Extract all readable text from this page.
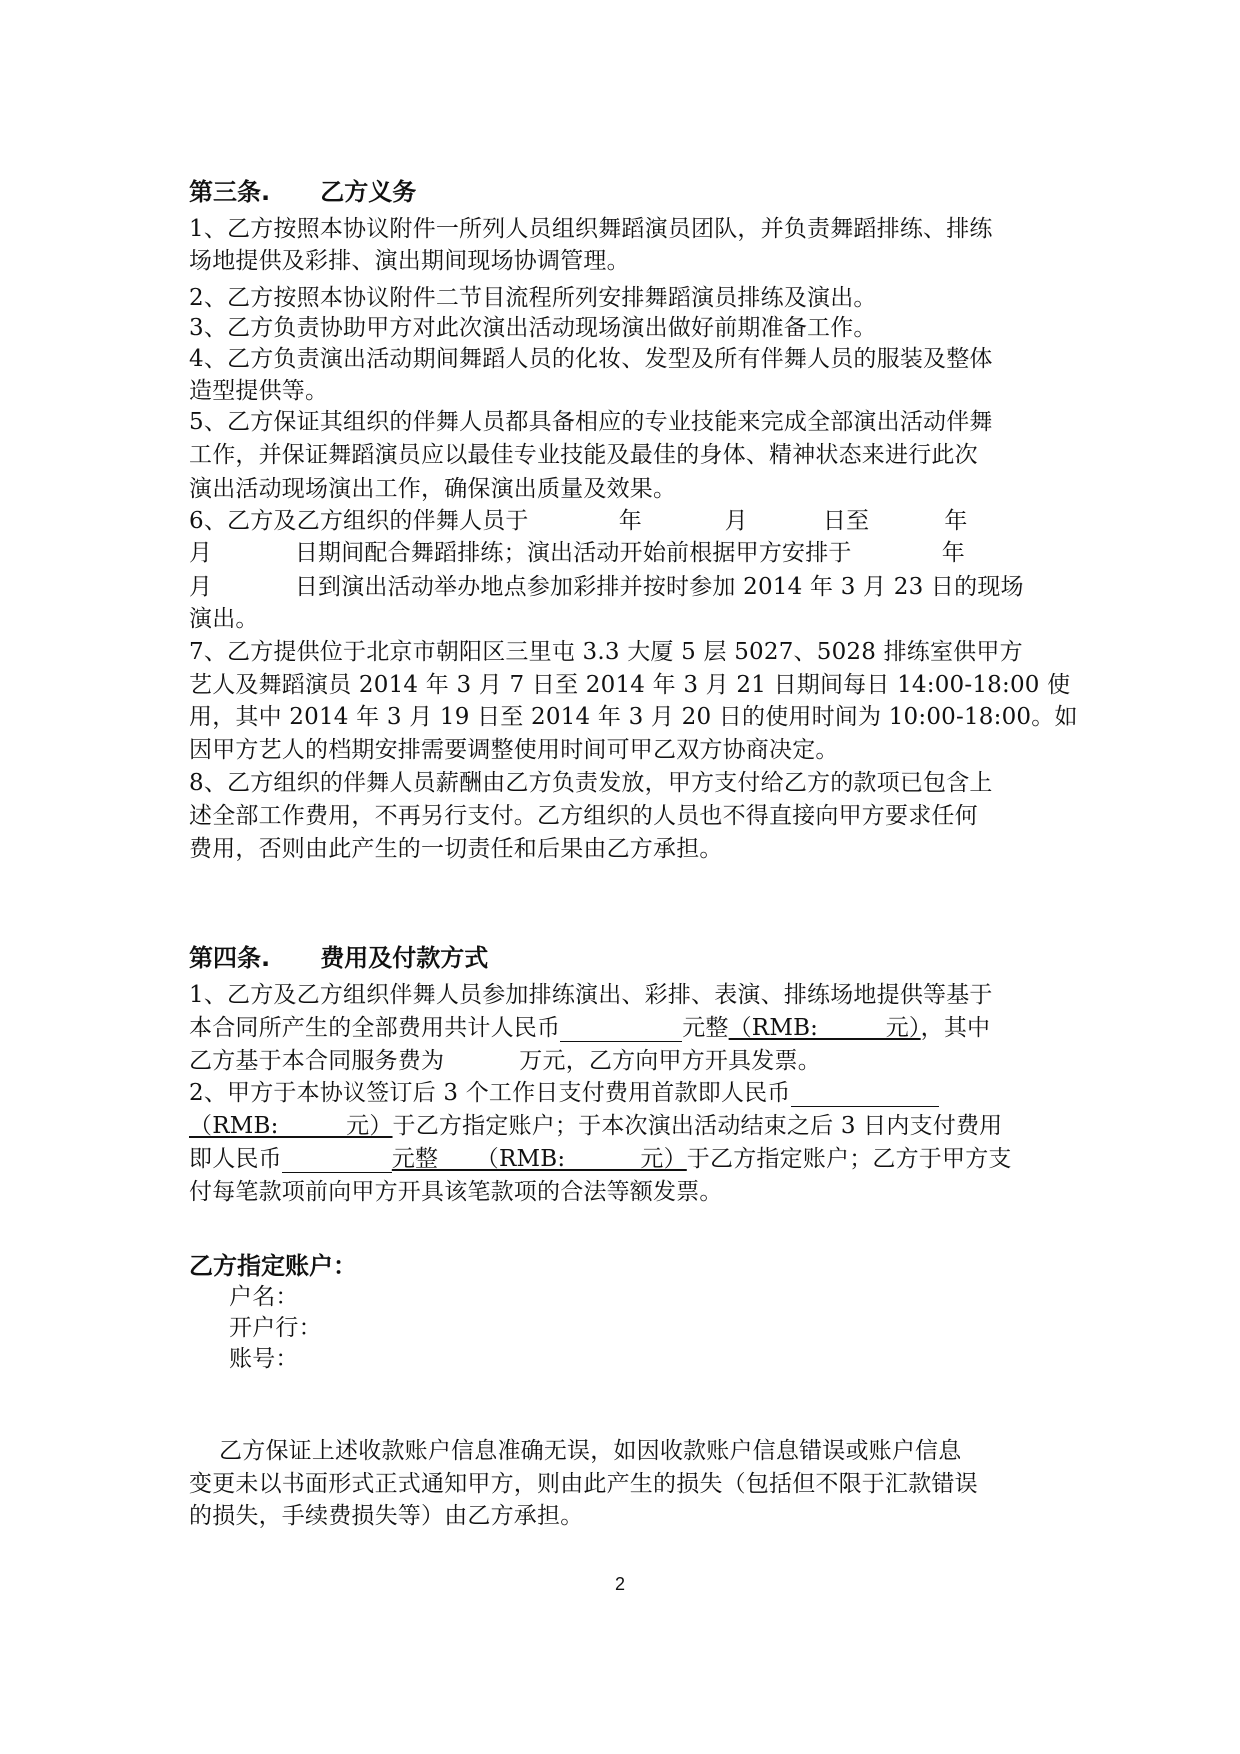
第三条.      乙方义务
1、乙方按照本协议附件一所列人员组织舞蹈演员团队，并负责舞蹈排练、排练
场地提供及彩排、演出期间现场协调管理。
2、乙方按照本协议附件二节目流程所列安排舞蹈演员排练及演出。
3、乙方负责协助甲方对此次演出活动现场演出做好前期准备工作。
4、乙方负责演出活动期间舞蹈人员的化妆、发型及所有伴舞人员的服装及整体
造型提供等。
5、乙方保证其组织的伴舞人员都具备相应的专业技能来完成全部演出活动伴舞
工作，并保证舞蹈演员应以最佳专业技能及最佳的身体、精神状态来进行此次
演出活动现场演出工作，确保演出质量及效果。
6、乙方及乙方组织的伴舞人员于            年           月          日至          年
月           日期间配合舞蹈排练；演出活动开始前根据甲方安排于            年
月           日到演出活动举办地点参加彩排并按时参加 2014 年 3 月 23 日的现场
演出。
7、乙方提供位于北京市朝阳区三里屯 3.3 大厦 5 层 5027、5028 排练室供甲方
艺人及舞蹈演员 2014 年 3 月 7 日至 2014 年 3 月 21 日期间每日 14:00-18:00 使
用，其中 2014 年 3 月 19 日至 2014 年 3 月 20 日的使用时间为 10:00-18:00。如
因甲方艺人的档期安排需要调整使用时间可甲乙双方协商决定。
8、乙方组织的伴舞人员薪酬由乙方负责发放，甲方支付给乙方的款项已包含上
述全部工作费用，不再另行支付。乙方组织的人员也不得直接向甲方要求任何
费用，否则由此产生的一切责任和后果由乙方承担。
第四条.      费用及付款方式
1、乙方及乙方组织伴舞人员参加排练演出、彩排、表演、排练场地提供等基于
本合同所产生的全部费用共计人民币	元整（RMB:         元），其中
乙方基于本合同服务费为          万元，乙方向甲方开具发票。
2、甲方于本协议签订后 3 个工作日支付费用首款即人民币
（RMB:         元）于乙方指定账户；于本次演出活动结束之后 3 日内支付费用
即人民币	元整     （RMB:          元）于乙方指定账户；乙方于甲方支
付每笔款项前向甲方开具该笔款项的合法等额发票。
乙方指定账户：
户名：
开户行：
账号：
乙方保证上述收款账户信息准确无误，如因收款账户信息错误或账户信息
变更未以书面形式正式通知甲方，则由此产生的损失（包括但不限于汇款错误
的损失，手续费损失等）由乙方承担。
2
